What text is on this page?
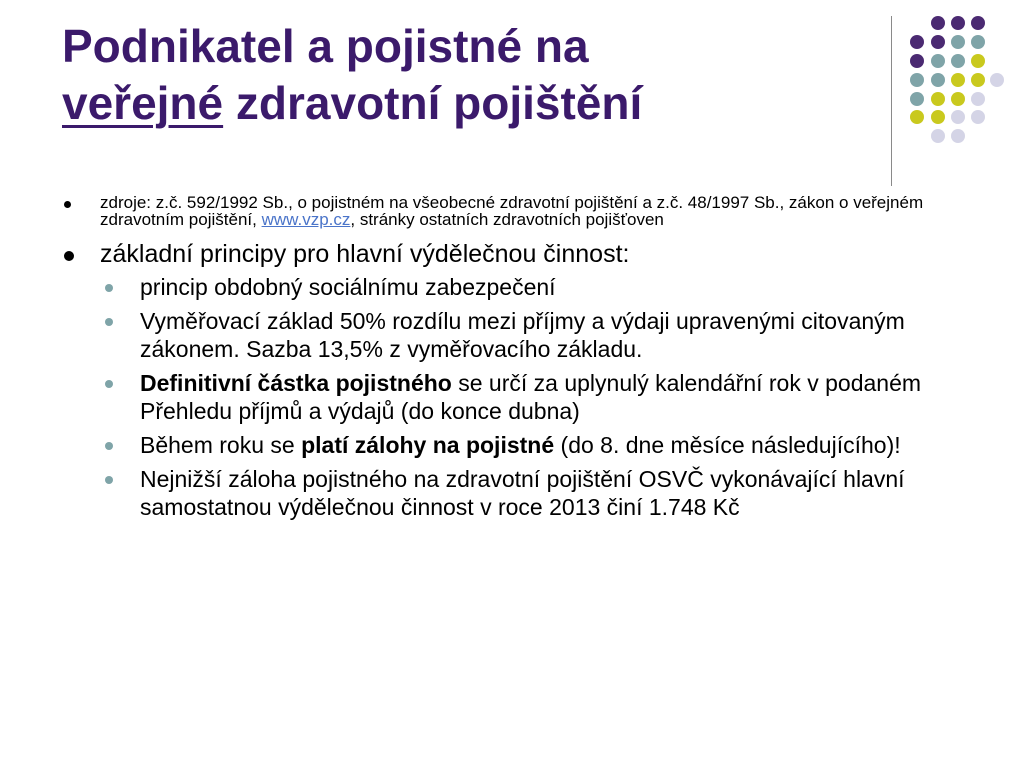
Podnikatel a pojistné na
veřejné zdravotní pojištění
zdroje: z.č. 592/1992 Sb., o pojistném na všeobecné zdravotní pojištění a z.č. 48/1997 Sb., zákon o veřejném zdravotním pojištění, www.vzp.cz, stránky ostatních zdravotních pojišťoven
základní principy pro hlavní výdělečnou činnost:
princip obdobný sociálnímu zabezpečení
Vyměřovací základ 50% rozdílu mezi příjmy a výdaji upravenými citovaným zákonem. Sazba 13,5% z vyměřovacího základu.
Definitivní částka pojistného se určí za uplynulý kalendářní rok v podaném Přehledu příjmů a výdajů (do konce dubna)
Během roku se platí zálohy na pojistné (do 8. dne měsíce následujícího)!
Nejnižší záloha pojistného na zdravotní pojištění OSVČ vykonávající hlavní samostatnou výdělečnou činnost v roce 2013 činí 1.748 Kč
